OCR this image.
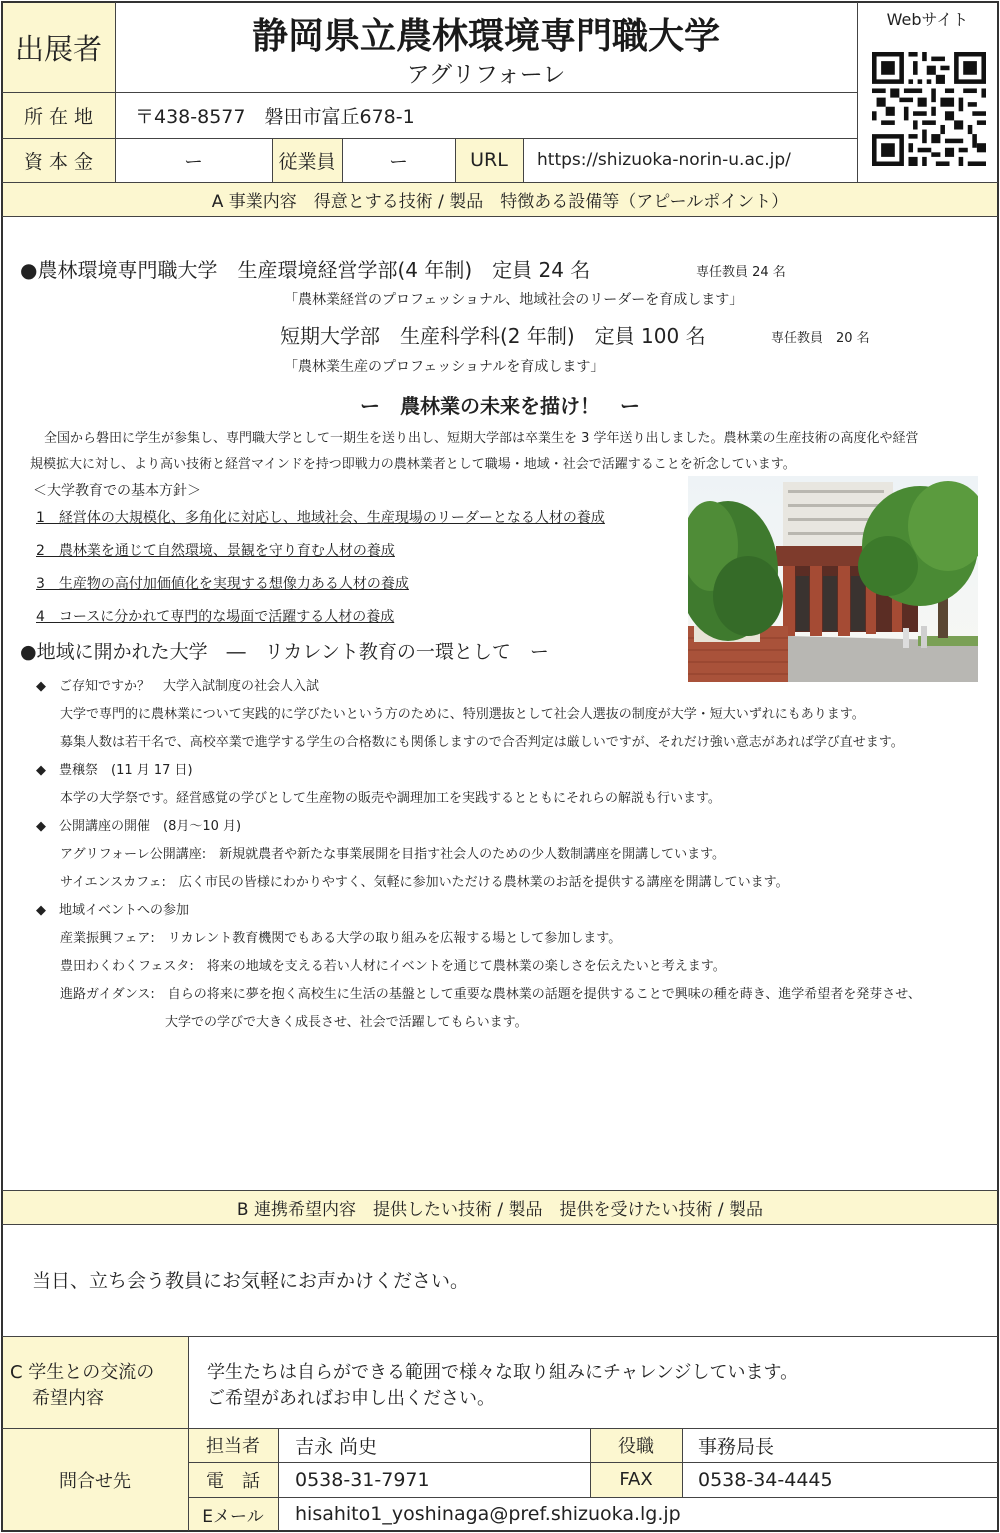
出展者	静岡県立農林環境専門職大学
アグリフォーレ
Webサイト
所 在 地	〒438-8577　磐田市富丘678-1
資 本 金	ー	従業員	ー	URL	https://shizuoka-norin-u.ac.jp/
A 事業内容　得意とする技術 / 製品　特徴ある設備等（アピールポイント）
●農林環境専門職大学　生産環境経営学部(4 年制)　定員 24 名	専任教員 24 名
「農林業経営のプロフェッショナル、地域社会のリーダーを育成します」
短期大学部　生産科学科(2 年制)　定員 100 名	専任教員　20 名
「農林業生産のプロフェッショナルを育成します」
ー　農林業の未来を描け！　ー
全国から磐田に学生が参集し、専門職大学として一期生を送り出し、短期大学部は卒業生を 3 学年送り出しました。農林業の生産技術の高度化や経営
規模拡大に対し、より高い技術と経営マインドを持つ即戦力の農林業者として職場・地域・社会で活躍することを祈念しています。
＜大学教育での基本方針＞
1　経営体の大規模化、多角化に対応し、地域社会、生産現場のリーダーとなる人材の養成
2　農林業を通じて自然環境、景観を守り育む人材の養成
3　生産物の高付加価値化を実現する想像力ある人材の養成
4　コースに分かれて専門的な場面で活躍する人材の養成
●地域に開かれた大学　―　リカレント教育の一環として　ー
◆　ご存知ですか？　大学入試制度の社会人入試
大学で専門的に農林業について実践的に学びたいという方のために、特別選抜として社会人選抜の制度が大学・短大いずれにもあります。
募集人数は若干名で、高校卒業で進学する学生の合格数にも関係しますので合否判定は厳しいですが、それだけ強い意志があれば学び直せます。
◆　豊穣祭　(11 月 17 日)
本学の大学祭です。経営感覚の学びとして生産物の販売や調理加工を実践するとともにそれらの解説も行います。
◆　公開講座の開催　(8月～10 月)
アグリフォーレ公開講座:　新規就農者や新たな事業展開を目指す社会人のための少人数制講座を開講しています。
サイエンスカフェ:　広く市民の皆様にわかりやすく、気軽に参加いただける農林業のお話を提供する講座を開講しています。
◆　地域イベントへの参加
産業振興フェア:　リカレント教育機関でもある大学の取り組みを広報する場として参加します。
豊田わくわくフェスタ:　将来の地域を支える若い人材にイベントを通じて農林業の楽しさを伝えたいと考えます。
進路ガイダンス:　自らの将来に夢を抱く高校生に生活の基盤として重要な農林業の話題を提供することで興味の種を蒔き、進学希望者を発芽させ、
大学での学びで大きく成長させ、社会で活躍してもらいます。
B 連携希望内容　提供したい技術 / 製品　提供を受けたい技術 / 製品
当日、立ち会う教員にお気軽にお声かけください。
C 学生との交流の
希望内容
学生たちは自らができる範囲で様々な取り組みにチャレンジしています。
ご希望があればお申し出ください。
問合せ先
担当者	吉永 尚史	役職	事務局長
電　話	0538-31-7971	FAX	0538-34-4445
Eメール	hisahito1_yoshinaga@pref.shizuoka.lg.jp
